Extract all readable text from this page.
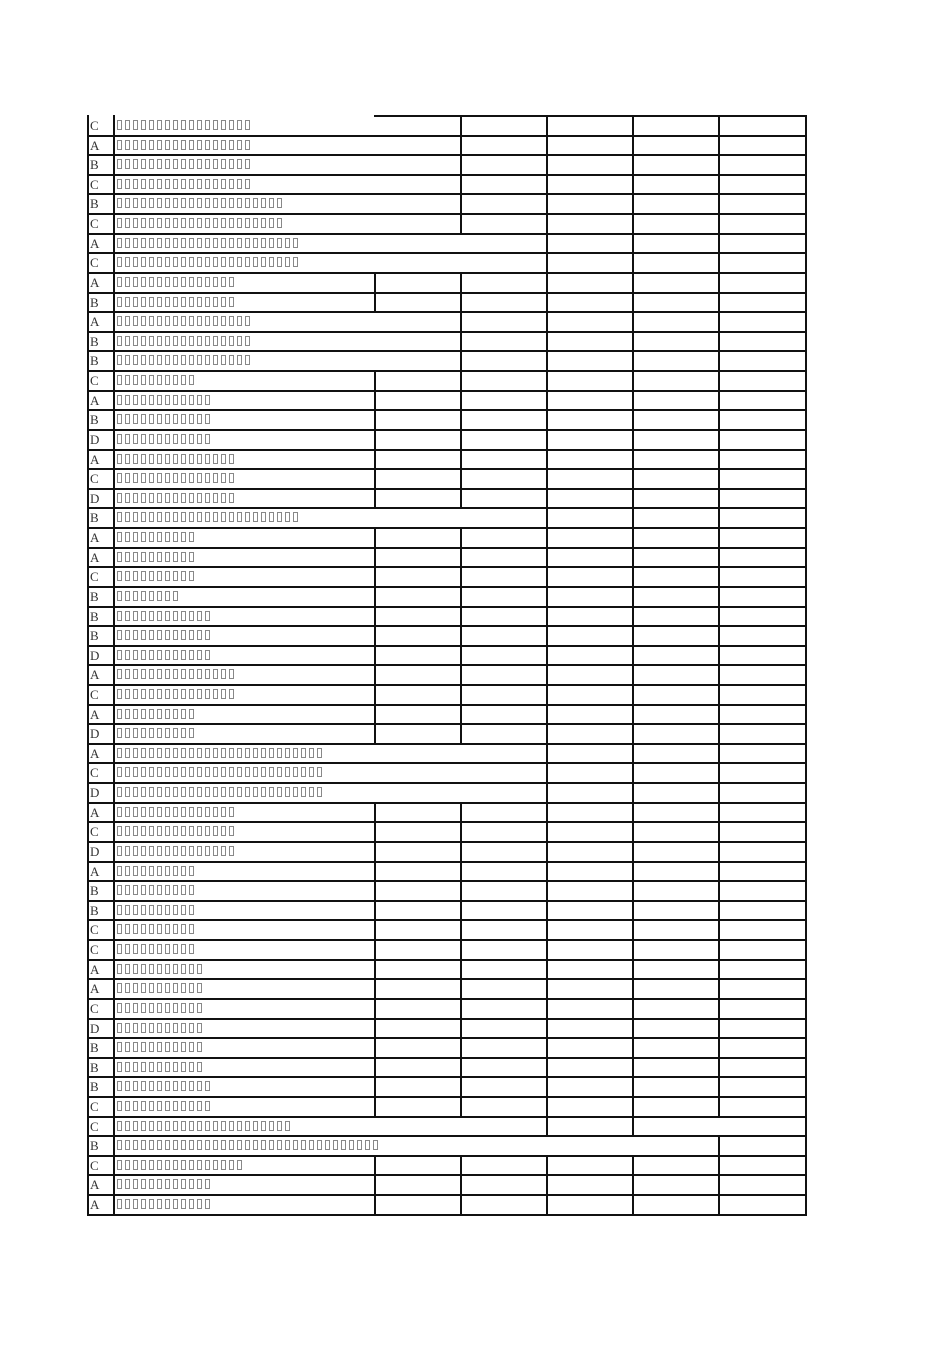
C
A
B
C
B
C
A
C
A
B
A
B
B
C
A
B
D
A
C
D
B
A
A
C
B
B
B
D
A
C
A
D
A
C
D
A
C
D
A
B
B
C
C
A
A
C
D
B
B
B
C
C
B
C
A
A
